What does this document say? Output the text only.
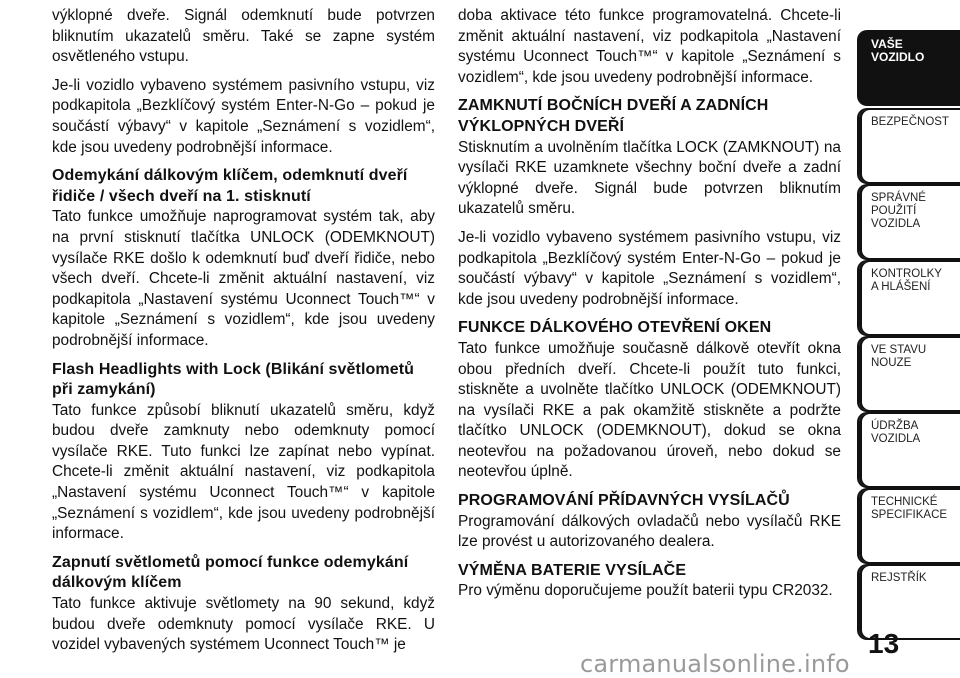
výklopné dveře. Signál odemknutí bude potvrzen bliknutím ukazatelů směru. Také se zapne systém osvětleného vstupu.

Je-li vozidlo vybaveno systémem pasivního vstupu, viz podkapitola „Bezklíčový systém Enter-N-Go – pokud je součástí výbavy“ v kapitole „Seznámení s vozidlem“, kde jsou uvedeny podrobnější informace.

Odemykání dálkovým klíčem, odemknutí dveří řidiče / všech dveří na 1. stisknutí

Tato funkce umožňuje naprogramovat systém tak, aby na první stisknutí tlačítka UNLOCK (ODEMKNOUT) vysílače RKE došlo k odemknutí buď dveří řidiče, nebo všech dveří. Chcete-li změnit aktuální nastavení, viz podkapitola „Nastavení systému Uconnect Touch™“ v kapitole „Seznámení s vozidlem“, kde jsou uvedeny podrobnější informace.

Flash Headlights with Lock (Blikání světlometů při zamykání)

Tato funkce způsobí bliknutí ukazatelů směru, když budou dveře zamknuty nebo odemknuty pomocí vysílače RKE. Tuto funkci lze zapínat nebo vypínat. Chcete-li změnit aktuální nastavení, viz podkapitola „Nastavení systému Uconnect Touch™“ v kapitole „Seznámení s vozidlem“, kde jsou uvedeny podrobnější informace.

Zapnutí světlometů pomocí funkce odemykání dálkovým klíčem

Tato funkce aktivuje světlomety na 90 sekund, když budou dveře odemknuty pomocí vysílače RKE. U vozidel vybavených systémem Uconnect Touch™ je

doba aktivace této funkce programovatelná. Chcete-li změnit aktuální nastavení, viz podkapitola „Nastavení systému Uconnect Touch™“ v kapitole „Seznámení s vozidlem“, kde jsou uvedeny podrobnější informace.

ZAMKNUTÍ BOČNÍCH DVEŘÍ A ZADNÍCH VÝKLOPNÝCH DVEŘÍ

Stisknutím a uvolněním tlačítka LOCK (ZAMKNOUT) na vysílači RKE uzamknete všechny boční dveře a zadní výklopné dveře. Signál bude potvrzen bliknutím ukazatelů směru.

Je-li vozidlo vybaveno systémem pasivního vstupu, viz podkapitola „Bezklíčový systém Enter-N-Go – pokud je součástí výbavy“ v kapitole „Seznámení s vozidlem“, kde jsou uvedeny podrobnější informace.

FUNKCE DÁLKOVÉHO OTEVŘENÍ OKEN

Tato funkce umožňuje současně dálkově otevřít okna obou předních dveří. Chcete-li použít tuto funkci, stiskněte a uvolněte tlačítko UNLOCK (ODEMKNOUT) na vysílači RKE a pak okamžitě stiskněte a podržte tlačítko UNLOCK (ODEMKNOUT), dokud se okna neotevřou na požadovanou úroveň, nebo dokud se neotevřou úplně.

PROGRAMOVÁNÍ PŘÍDAVNÝCH VYSÍLAČŮ

Programování dálkových ovladačů nebo vysílačů RKE lze provést u autorizovaného dealera.

VÝMĚNA BATERIE VYSÍLAČE

Pro výměnu doporučujeme použít baterii typu CR2032.

VAŠE
VOZIDLO
BEZPEČNOST
SPRÁVNÉ
POUŽITÍ
VOZIDLA
KONTROLKY
A HLÁŠENÍ
VE STAVU
NOUZE
ÚDRŽBA
VOZIDLA
TECHNICKÉ
SPECIFIKACE
REJSTŘÍK
13
carmanualsonline.info
